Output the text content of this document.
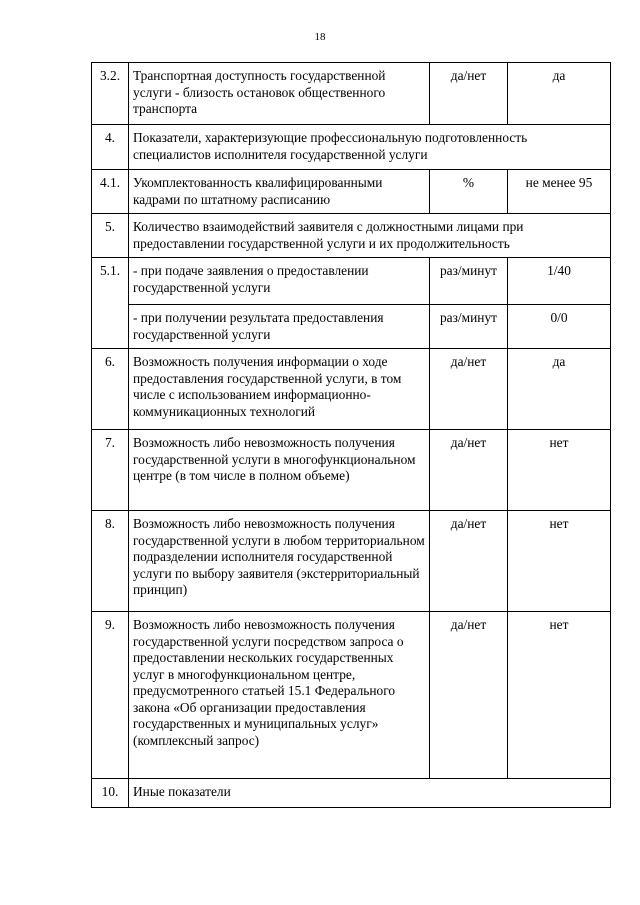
18
3.2.	Транспортная доступность государственной услуги - близость остановок общественного транспорта	да/нет	да
4.	Показатели, характеризующие профессиональную подготовленность специалистов исполнителя государственной услуги		
4.1.	Укомплектованность квалифицированными кадрами по штатному расписанию	%	не менее 95
5.	Количество взаимодействий заявителя с должностными лицами при предоставлении государственной услуги и их продолжительность		
5.1.	- при подаче заявления о предоставлении государственной услуги	раз/минут	1/40
	- при получении результата предоставления государственной услуги	раз/минут	0/0
6.	Возможность получения информации о ходе предоставления государственной услуги, в том числе с использованием информационно-коммуникационных технологий	да/нет	да
7.	Возможность либо невозможность получения государственной услуги в многофункциональном центре (в том числе в полном объеме)	да/нет	нет
8.	Возможность либо невозможность получения государственной услуги в любом территориальном подразделении исполнителя государственной услуги по выбору заявителя (экстерриториальный принцип)	да/нет	нет
9.	Возможность либо невозможность получения государственной услуги посредством запроса о предоставлении нескольких государственных услуг в многофункциональном центре, предусмотренного статьей 15.1 Федерального закона «Об организации предоставления государственных и муниципальных услуг» (комплексный запрос)	да/нет	нет
10.	Иные показатели		
